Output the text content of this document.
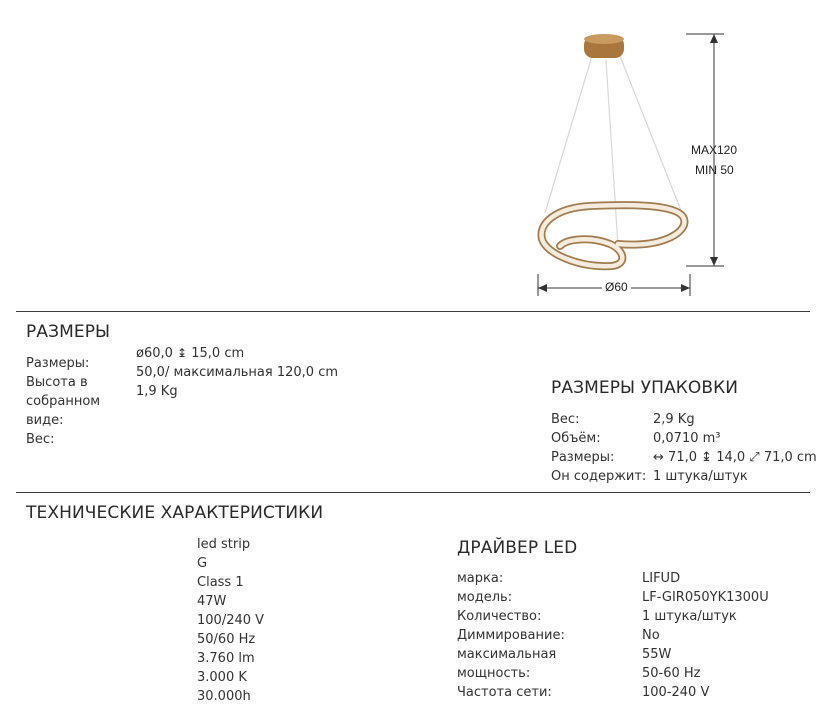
MAX120
MIN 50
Ø60
РАЗМЕРЫ
Размеры:
Высота в
собранном
виде:
Вес:
ø60,0 ↨ 15,0 cm
50,0/ максимальная 120,0 cm
1,9 Kg	РАЗМЕРЫ УПАКОВКИ
Вес:
Объём:
Размеры:
Он содержит:
2,9 Kg
0,0710 m³
↔ 71,0 ↨ 14,0 ⤢ 71,0 cm
1 штука/штук
ТЕХНИЧЕСКИЕ ХАРАКТЕРИСТИКИ
led strip
G
Class 1
47W
100/240 V
50/60 Hz
3.760 lm
3.000 K
30.000h
ДРАЙВЕР LED
марка:
модель:
Количество:
Диммирование:
максимальная
мощность:
Частота сети:
LIFUD
LF-GIR050YK1300U
1 штука/штук
No
55W
50-60 Hz
100-240 V
